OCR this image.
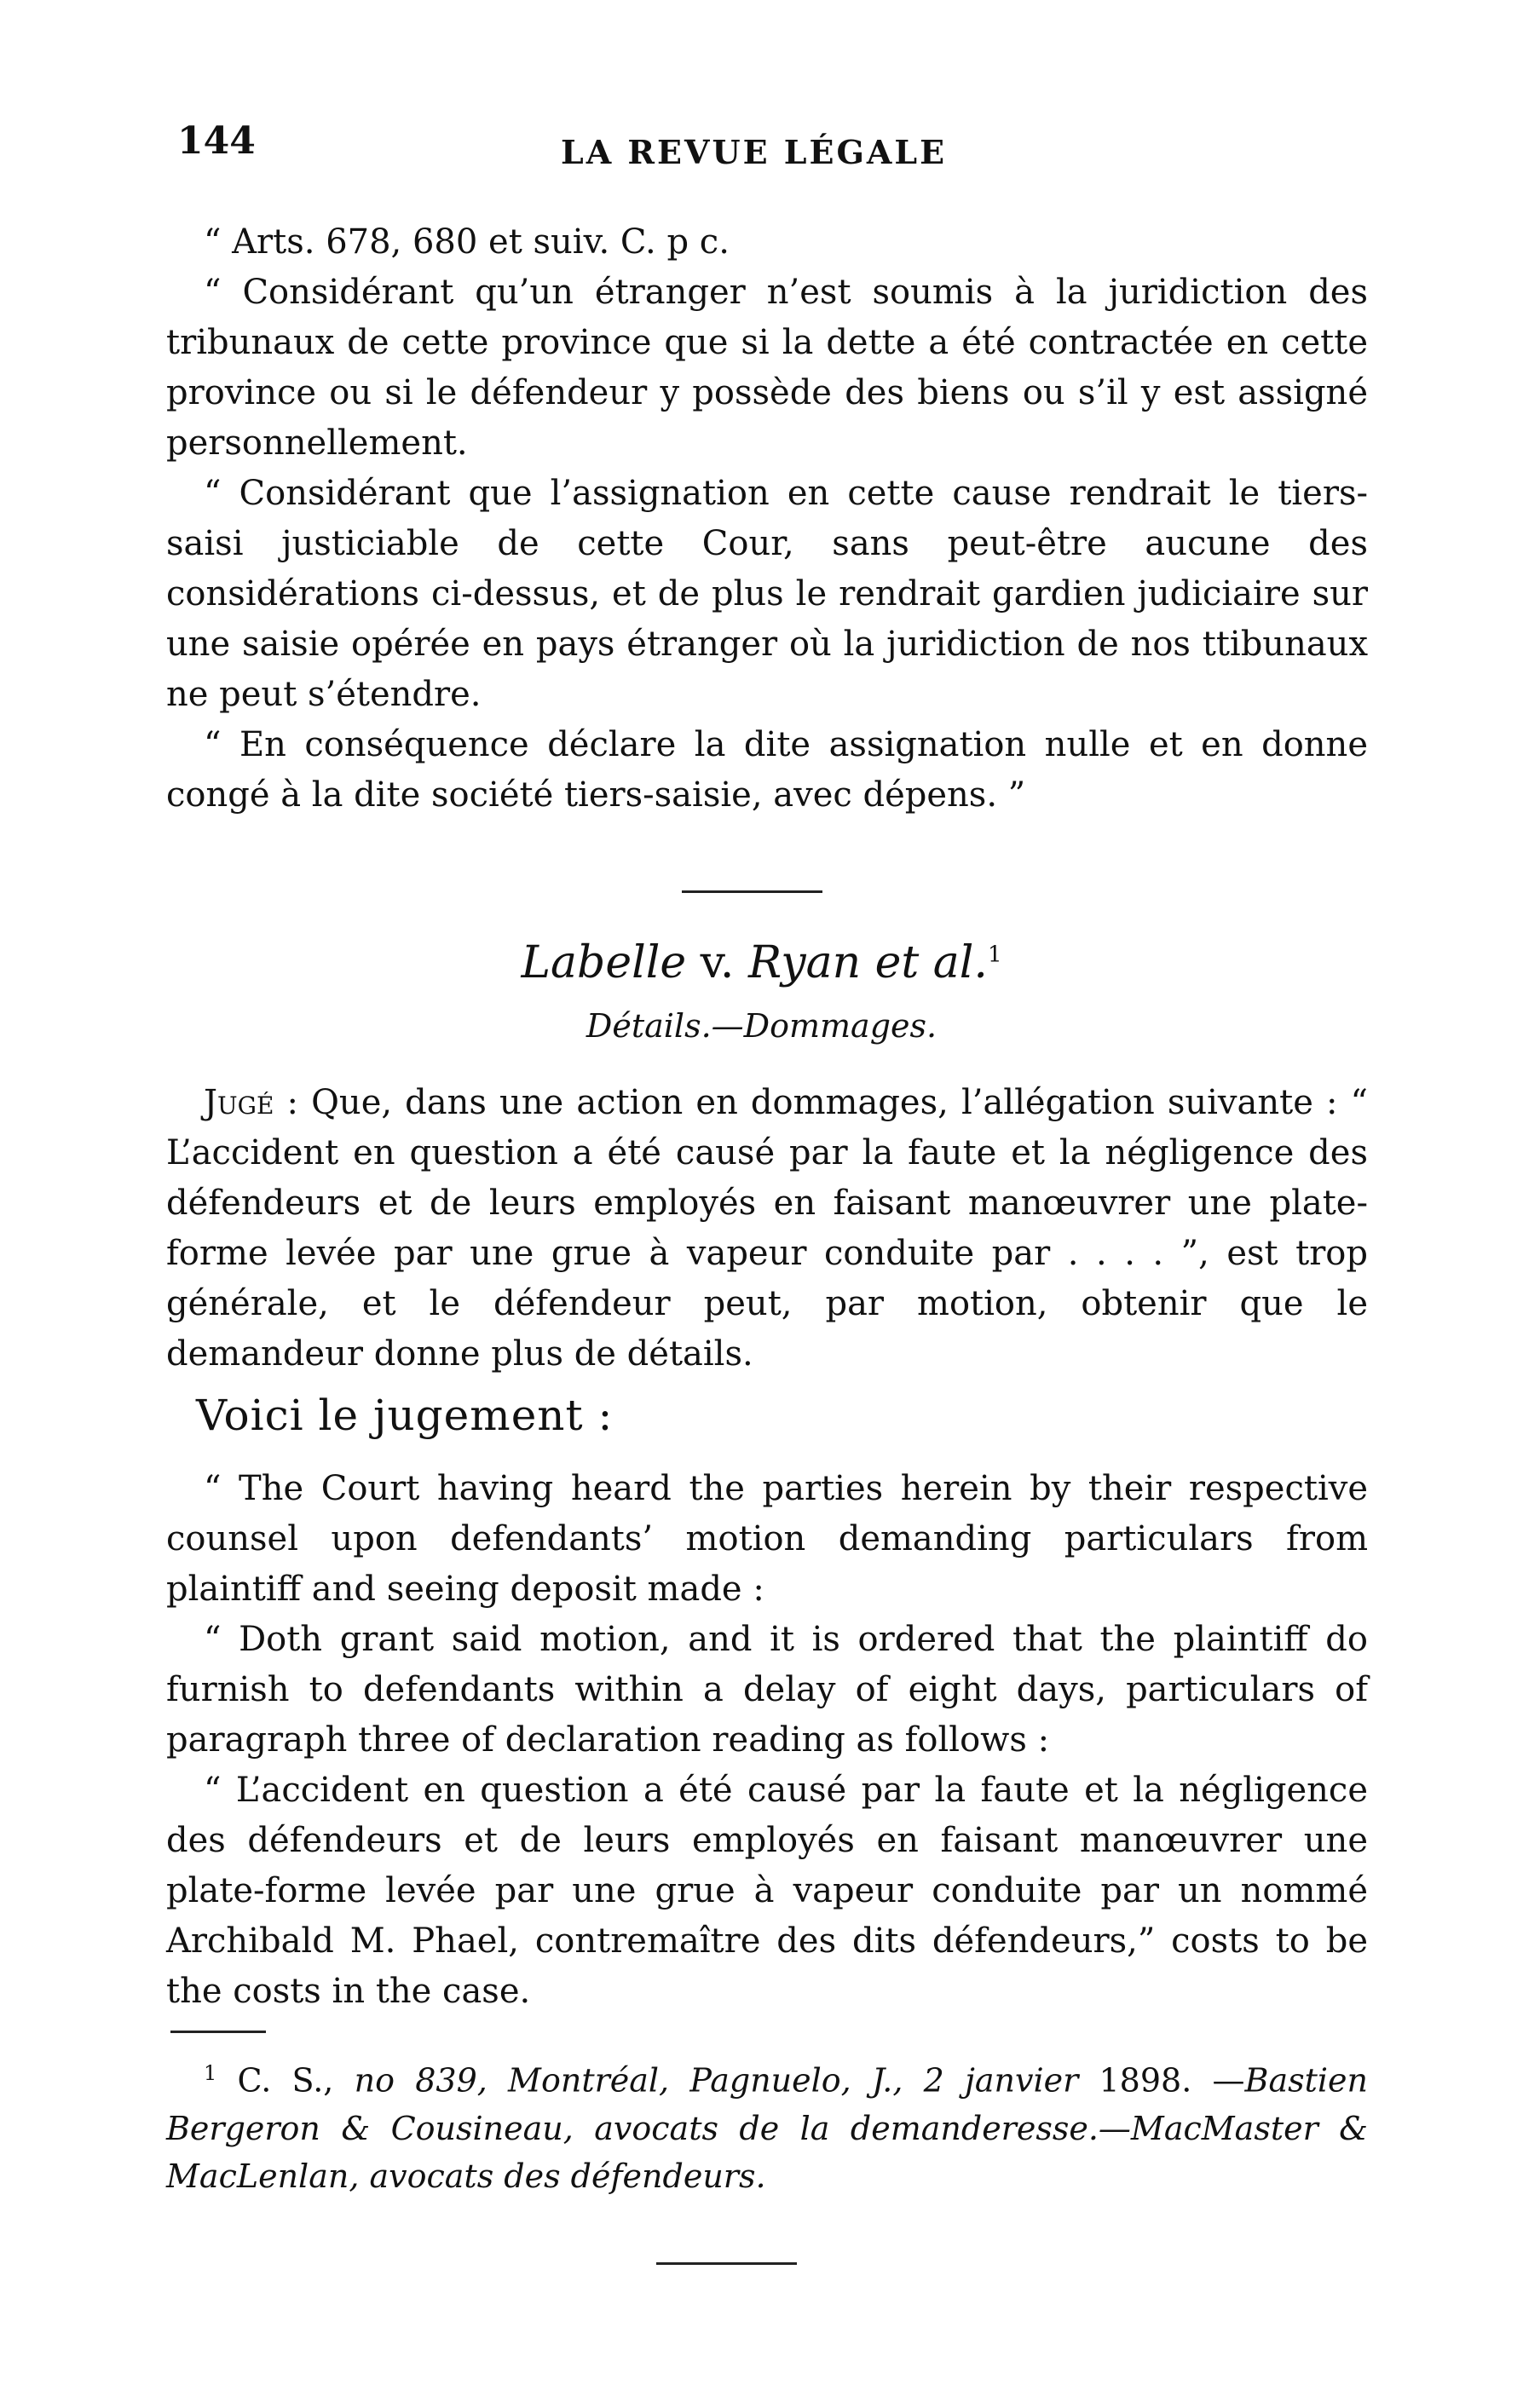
144	LA REVUE LÉGALE

“ Arts. 678, 680 et suiv. C. p c.

“ Considérant qu’un étranger n’est soumis à la juridiction des tribunaux de cette province que si la dette a été contractée en cette province ou si le défendeur y possède des biens ou s’il y est assigné personnellement.

“ Considérant que l’assignation en cette cause rendrait le tiers-saisi justiciable de cette Cour, sans peut-être aucune des considérations ci-dessus, et de plus le rendrait gardien judiciaire sur une saisie opérée en pays étranger où la juridiction de nos ttibunaux ne peut s’étendre.

“ En conséquence déclare la dite assignation nulle et en donne congé à la dite société tiers-saisie, avec dépens. ”

Labelle v. Ryan et al.$^1$
Détails.—Dommages.

Jugé : Que, dans une action en dommages, l’allégation suivante : “ L’accident en question a été causé par la faute et la négligence des défendeurs et de leurs employés en faisant manœuvrer une plate-forme levée par une grue à vapeur conduite par . . . . ”, est trop générale, et le défendeur peut, par motion, obtenir que le demandeur donne plus de détails.

Voici le jugement :

“ The Court having heard the parties herein by their respective counsel upon defendants’ motion demanding particulars from plaintiff and seeing deposit made :

“ Doth grant said motion, and it is ordered that the plaintiff do furnish to defendants within a delay of eight days, particulars of paragraph three of declaration reading as follows :

“ L’accident en question a été causé par la faute et la négligence des défendeurs et de leurs employés en faisant manœuvrer une plate-forme levée par une grue à vapeur conduite par un nommé Archibald M. Phael, contremaître des dits défendeurs,” costs to be the costs in the case.

$^1$ C. S., no 839, Montréal, Pagnuelo, J., 2 janvier 1898. —Bastien Bergeron & Cousineau, avocats de la demanderesse.—MacMaster & MacLenlan, avocats des défendeurs.
